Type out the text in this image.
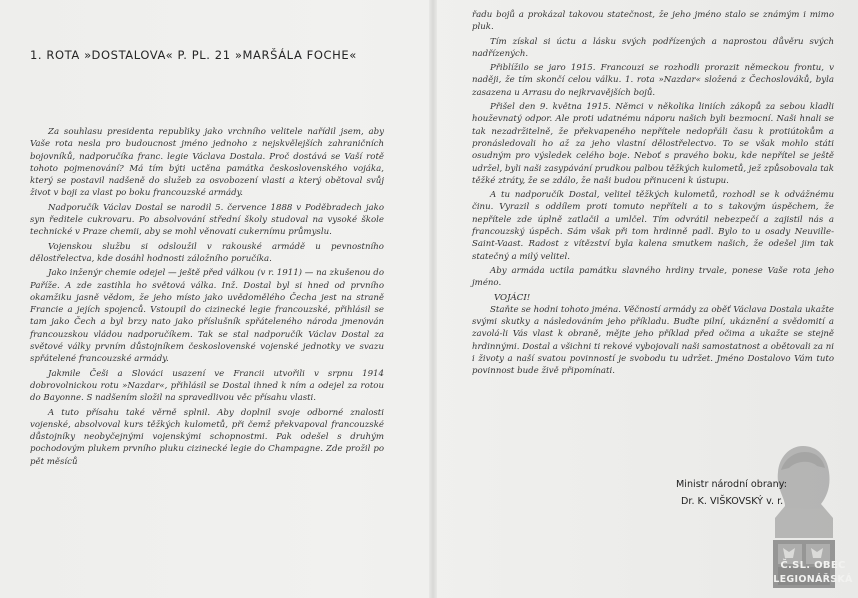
1. ROTA »DOSTALOVA« P. PL. 21 »MARŠÁLA FOCHE«

Za souhlasu presidenta republiky jako vrchního velitele nařídil jsem, aby Vaše rota nesla pro budoucnost jméno jednoho z nejskvělejších zahraničních bojovníků, nadporučíka franc. legie Václava Dostala. Proč dostává se Vaší rotě tohoto pojmenování? Má tím býti uctěna památka československého vojáka, který se postavil nadšeně do služeb za osvobození vlasti a který obětoval svůj život v boji za vlast po boku francouzské armády.

Nadporučík Václav Dostal se narodil 5. července 1888 v Poděbradech jako syn ředitele cukrovaru. Po absolvování střední školy studoval na vysoké škole technické v Praze chemii, aby se mohl věnovati cukernímu průmyslu.

Vojenskou službu si odsloužil v rakouské armádě u pevnostního dělostřelectva, kde dosáhl hodnosti záložního poručíka.

Jako inženýr chemie odejel — ještě před válkou (v r. 1911) — na zkušenou do Paříže. A zde zastihla ho světová válka. Inž. Dostal byl si hned od prvního okamžiku jasně vědom, že jeho místo jako uvědomělého Čecha jest na straně Francie a jejích spojenců. Vstoupil do cizinecké legie francouzské, přihlásil se tam jako Čech a byl brzy nato jako příslušník spřáteleného národa jmenován francouzskou vládou nadporučíkem. Tak se stal nadporučík Václav Dostal za světové války prvním důstojníkem československé vojenské jednotky ve svazu spřátelené francouzské armády.

Jakmile Češi a Slováci usazení ve Francii utvořili v srpnu 1914 dobrovolnickou rotu »Nazdar«, přihlásil se Dostal ihned k ním a odejel za rotou do Bayonne. S nadšením složil na spravedlivou věc přísahu vlasti.

A tuto přísahu také věrně splnil. Aby doplnil svoje odborné znalosti vojenské, absolvoval kurs těžkých kulometů, při čemž překvapoval francouzské důstojníky neobyčejnými vojenskými schopnostmi. Pak odešel s druhým pochodovým plukem prvního pluku cizinecké legie do Champagne. Zde prožil po pět měsíců

řadu bojů a prokázal takovou statečnost, že jeho jméno stalo se známým i mimo pluk.

Tím získal si úctu a lásku svých podřízených a naprostou důvěru svých nadřízených.

Přiblížilo se jaro 1915. Francouzi se rozhodli prorazit německou frontu, v naději, že tím skončí celou válku. 1. rota »Nazdar« složená z Čechoslováků, byla zasazena u Arrasu do nejkrvavějších bojů.

Přišel den 9. května 1915. Němci v několika liniích zákopů za sebou kladli houževnatý odpor. Ale proti udatnému náporu našich byli bezmocní. Naši hnali se tak nezadržitelně, že překvapeného nepřítele nedopřáli času k protiútokům a pronásledovali ho až za jeho vlastní dělostřelectvo. To se však mohlo státi osudným pro výsledek celého boje. Neboť s pravého boku, kde nepřítel se ještě udržel, byli naši zasypávání prudkou palbou těžkých kulometů, jež způsobovala tak těžké ztráty, že se zdálo, že naši budou přinuceni k ústupu.

A tu nadporučík Dostal, velitel těžkých kulometů, rozhodl se k odvážnému činu. Vyrazil s oddílem proti tomuto nepříteli a to s takovým úspěchem, že nepřítele zde úplně zatlačil a umlčel. Tím odvrátil nebezpečí a zajistil nás a francouzský úspěch. Sám však při tom hrdinně padl. Bylo to u osady Neuville-Saint-Vaast. Radost z vítězství byla kalena smutkem našich, že odešel jim tak statečný a milý velitel.

Aby armáda uctila památku slavného hrdiny trvale, ponese Vaše rota jeho jméno.

VOJÁCI!

Staňte se hodni tohoto jména. Věčností armády za oběť Václava Dostala ukažte svými skutky a následováním jeho příkladu. Buďte pilní, ukáznění a svědomití a zavolá-li Vás vlast k obraně, mějte jeho příklad před očima a ukažte se stejně hrdinnými. Dostal a všichni ti rekové vybojovali naši samostatnost a obětovali za ni i životy a naší svatou povinností je svobodu tu udržet. Jméno Dostalovo Vám tuto povinnost bude živě připomínati.

Č.SL. OBEC
LEGIONÁŘSKÁ
Ministr národní obrany:
Dr. K. VIŠKOVSKÝ v. r.
